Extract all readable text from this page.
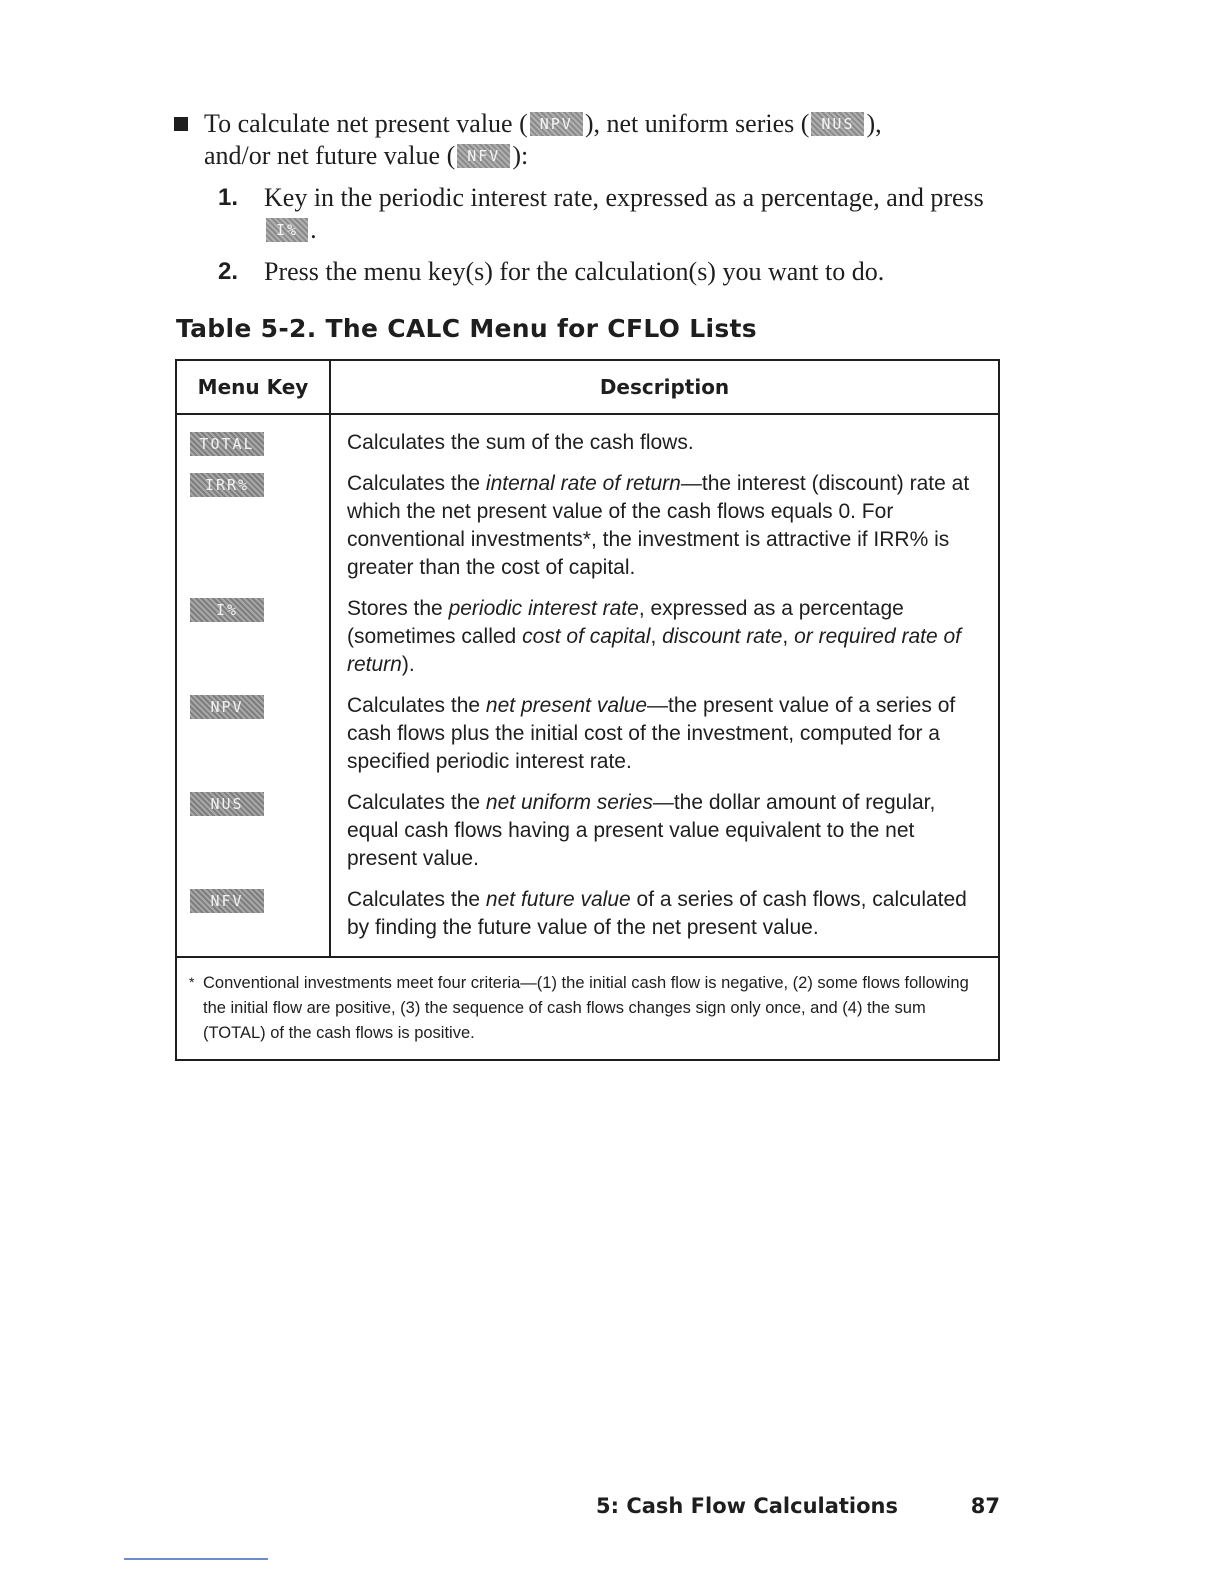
To calculate net present value ( NPV ), net uniform series ( NUS ),
and/or net future value ( NFV ):
1. Key in the periodic interest rate, expressed as a percentage, and press I% .
2. Press the menu key(s) for the calculation(s) you want to do.
Table 5-2. The CALC Menu for CFLO Lists
Menu Key	Description
TOTAL	Calculates the sum of the cash flows.
IRR%	Calculates the internal rate of return—the interest (discount) rate at which the net present value of the cash flows equals 0. For conventional investments*, the investment is attractive if IRR% is greater than the cost of capital.
I%	Stores the periodic interest rate, expressed as a percentage (sometimes called cost of capital, discount rate, or required rate of return).
NPV	Calculates the net present value—the present value of a series of cash flows plus the initial cost of the investment, computed for a specified periodic interest rate.
NUS	Calculates the net uniform series—the dollar amount of regular, equal cash flows having a present value equivalent to the net present value.
NFV	Calculates the net future value of a series of cash flows, calculated by finding the future value of the net present value.

* Conventional investments meet four criteria—(1) the initial cash flow is negative, (2) some flows following the initial flow are positive, (3) the sequence of cash flows changes sign only once, and (4) the sum (TOTAL) of the cash flows is positive.	
5: Cash Flow Calculations	87
